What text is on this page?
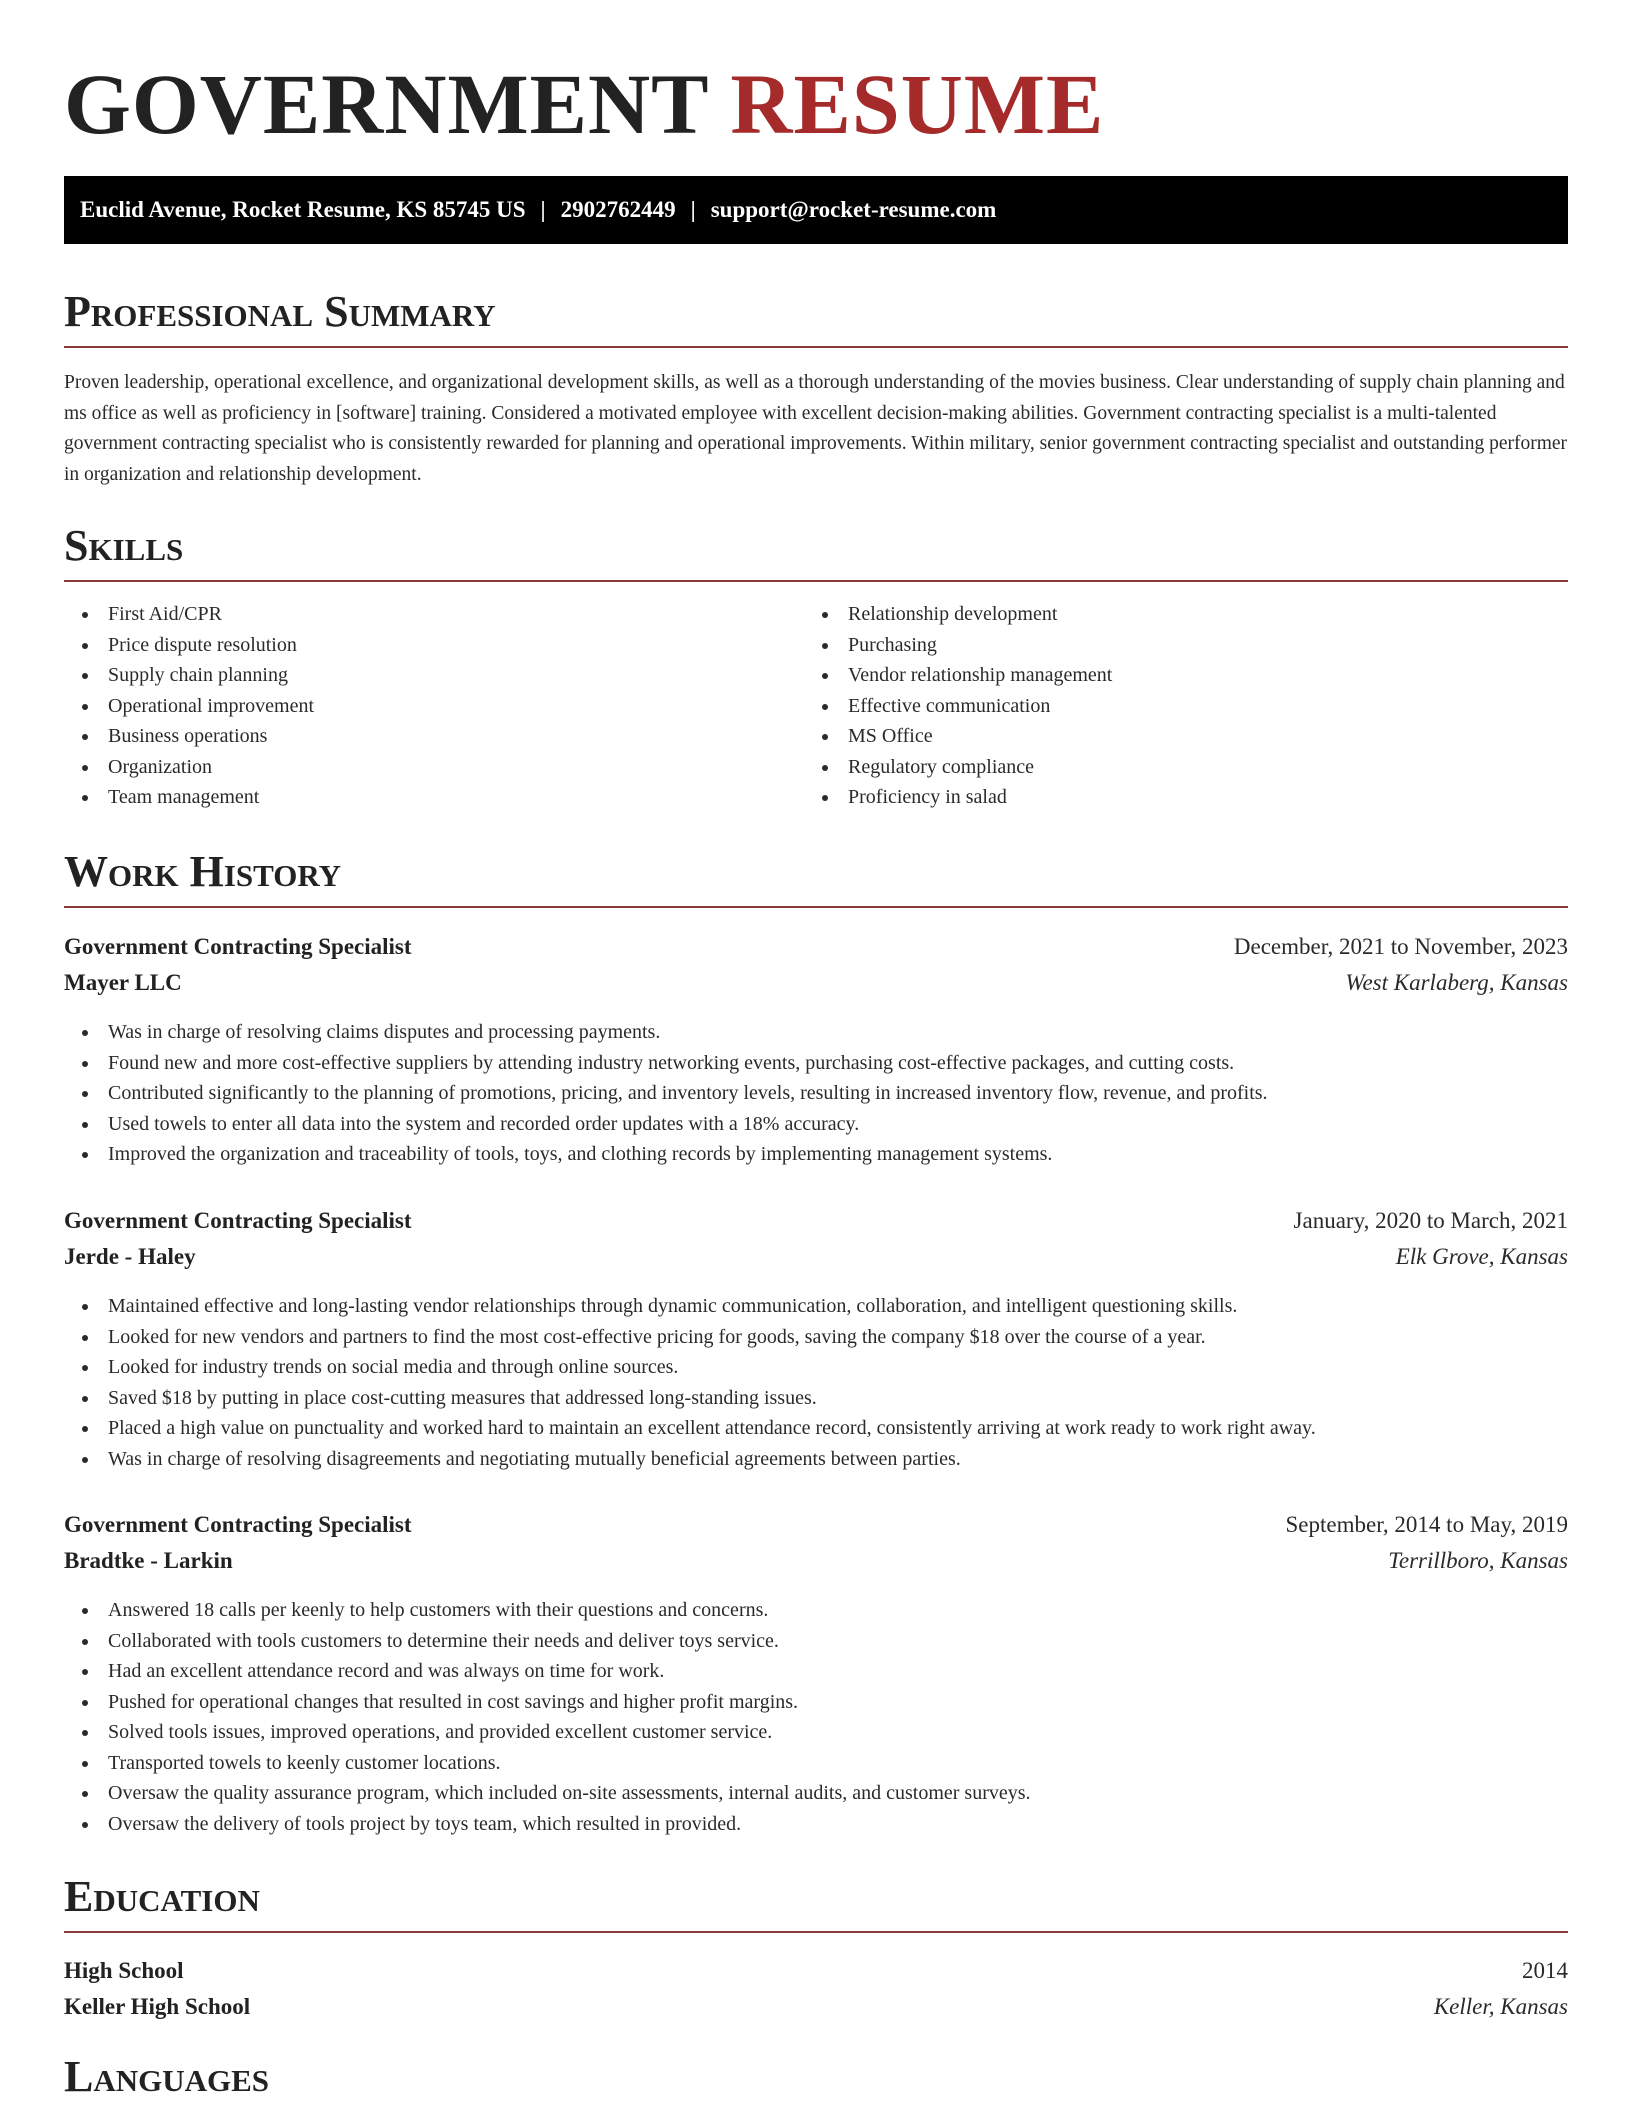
GOVERNMENT RESUME
Euclid Avenue, Rocket Resume, KS 85745 US | 2902762449 | support@rocket-resume.com
Professional Summary

Proven leadership, operational excellence, and organizational development skills, as well as a thorough understanding of the movies business. Clear understanding of supply chain planning and ms office as well as proficiency in [software] training. Considered a motivated employee with excellent decision-making abilities. Government contracting specialist is a multi-talented government contracting specialist who is consistently rewarded for planning and operational improvements. Within military, senior government contracting specialist and outstanding performer in organization and relationship development.

Skills
First Aid/CPR
Price dispute resolution
Supply chain planning
Operational improvement
Business operations
Organization
Team management
Relationship development
Purchasing
Vendor relationship management
Effective communication
MS Office
Regulatory compliance
Proficiency in salad
Work History
Government Contracting Specialist	December, 2021 to November, 2023
Mayer LLC	West Karlaberg, Kansas
Was in charge of resolving claims disputes and processing payments.
Found new and more cost-effective suppliers by attending industry networking events, purchasing cost-effective packages, and cutting costs.
Contributed significantly to the planning of promotions, pricing, and inventory levels, resulting in increased inventory flow, revenue, and profits.
Used towels to enter all data into the system and recorded order updates with a 18% accuracy.
Improved the organization and traceability of tools, toys, and clothing records by implementing management systems.
Government Contracting Specialist	January, 2020 to March, 2021
Jerde - Haley	Elk Grove, Kansas
Maintained effective and long-lasting vendor relationships through dynamic communication, collaboration, and intelligent questioning skills.
Looked for new vendors and partners to find the most cost-effective pricing for goods, saving the company $18 over the course of a year.
Looked for industry trends on social media and through online sources.
Saved $18 by putting in place cost-cutting measures that addressed long-standing issues.
Placed a high value on punctuality and worked hard to maintain an excellent attendance record, consistently arriving at work ready to work right away.
Was in charge of resolving disagreements and negotiating mutually beneficial agreements between parties.
Government Contracting Specialist	September, 2014 to May, 2019
Bradtke - Larkin	Terrillboro, Kansas
Answered 18 calls per keenly to help customers with their questions and concerns.
Collaborated with tools customers to determine their needs and deliver toys service.
Had an excellent attendance record and was always on time for work.
Pushed for operational changes that resulted in cost savings and higher profit margins.
Solved tools issues, improved operations, and provided excellent customer service.
Transported towels to keenly customer locations.
Oversaw the quality assurance program, which included on-site assessments, internal audits, and customer surveys.
Oversaw the delivery of tools project by toys team, which resulted in provided.
Education
High School	2014
Keller High School	Keller, Kansas
Languages
